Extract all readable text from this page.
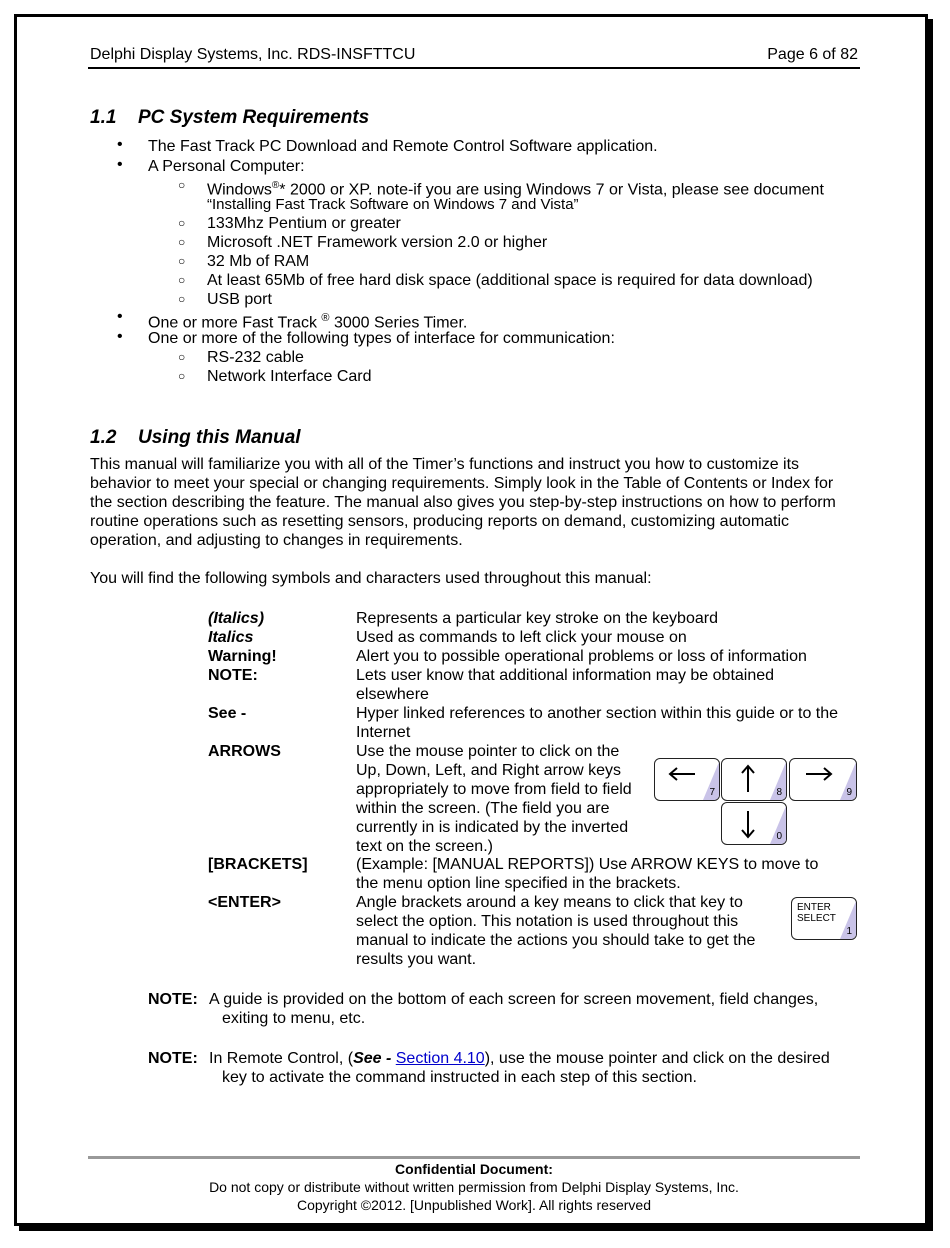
Delphi Display Systems, Inc. RDS-INSFTTCU	Page 6 of 82
1.1 PC System Requirements
• The Fast Track PC Download and Remote Control Software application.
• A Personal Computer:
○ Windows®* 2000 or XP. note-if you are using Windows 7 or Vista, please see document
“Installing Fast Track Software on Windows 7 and Vista”
○ 133Mhz Pentium or greater
○ Microsoft .NET Framework version 2.0 or higher
○ 32 Mb of RAM
○ At least 65Mb of free hard disk space (additional space is required for data download)
○ USB port
• One or more Fast Track ® 3000 Series Timer.
• One or more of the following types of interface for communication:
○ RS-232 cable
○ Network Interface Card
1.2 Using this Manual
This manual will familiarize you with all of the Timer’s functions and instruct you how to customize its
behavior to meet your special or changing requirements. Simply look in the Table of Contents or Index for
the section describing the feature. The manual also gives you step-by-step instructions on how to perform
routine operations such as resetting sensors, producing reports on demand, customizing automatic
operation, and adjusting to changes in requirements.
You will find the following symbols and characters used throughout this manual:
(Italics)	Represents a particular key stroke on the keyboard
Italics	Used as commands to left click your mouse on
Warning!	Alert you to possible operational problems or loss of information
NOTE:	Lets user know that additional information may be obtained
elsewhere
See -	Hyper linked references to another section within this guide or to the
Internet
ARROWS	Use the mouse pointer to click on the
Up, Down, Left, and Right arrow keys
appropriately to move from field to field
within the screen. (The field you are
currently in is indicated by the inverted
text on the screen.)
7	8	9
0
[BRACKETS]	(Example: [MANUAL REPORTS]) Use ARROW KEYS to move to
the menu option line specified in the brackets.
<ENTER>	Angle brackets around a key means to click that key to
select the option. This notation is used throughout this
manual to indicate the actions you should take to get the
results you want.
ENTER
SELECT
1
NOTE: A guide is provided on the bottom of each screen for screen movement, field changes,
exiting to menu, etc.
NOTE: In Remote Control, (See - Section 4.10), use the mouse pointer and click on the desired
key to activate the command instructed in each step of this section.
Confidential Document:
Do not copy or distribute without written permission from Delphi Display Systems, Inc.
Copyright ©2012. [Unpublished Work]. All rights reserved
